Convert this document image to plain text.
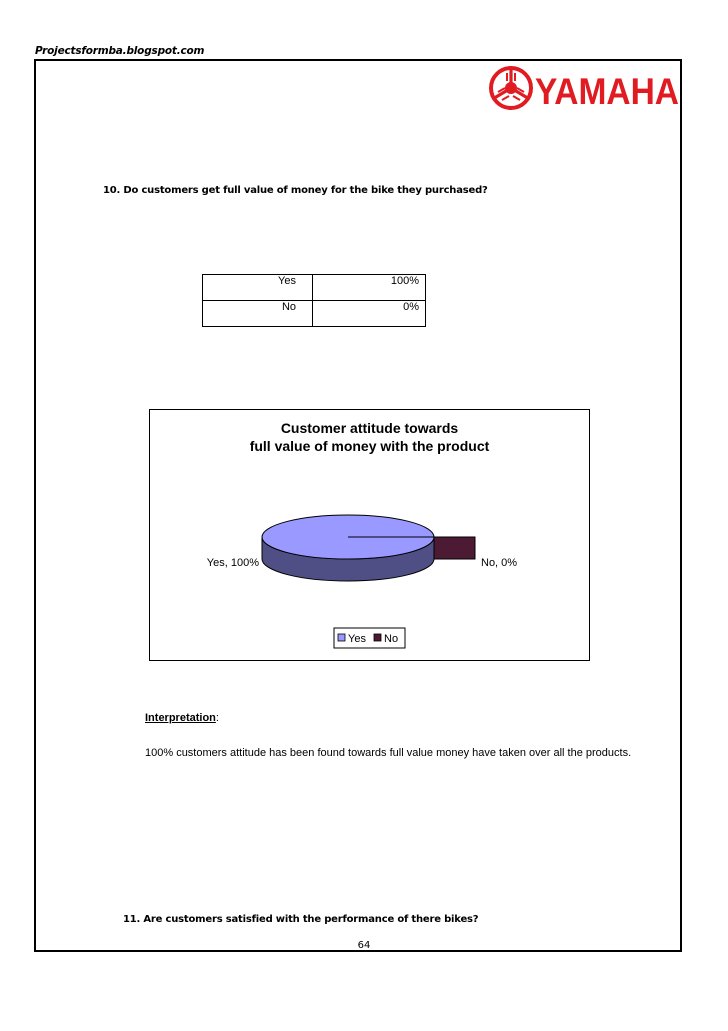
Projectsformba.blogspot.com
YAMAHA
10. Do customers get full value of money for the bike they purchased?
Yes	100%
No	0%
Customer attitude towards
full value of money with the product
Yes, 100%	No, 0%
Yes No
Interpretation:
100% customers attitude has been found towards full value money have taken over all the products.
11. Are customers satisfied with the performance of there bikes?
64
